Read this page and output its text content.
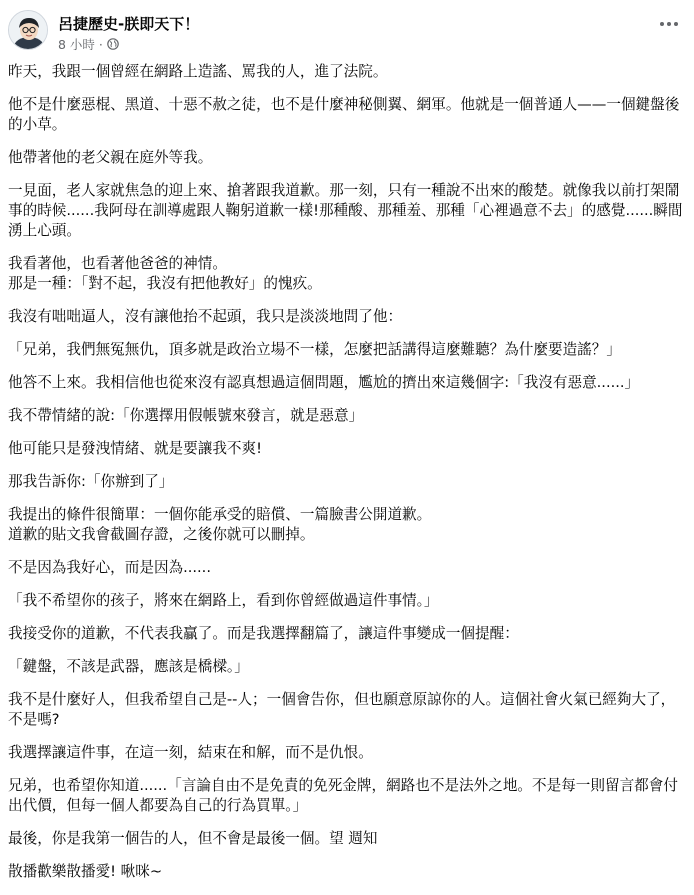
呂捷歷史-朕即天下！
8 小時 ·

昨天，我跟一個曾經在網路上造謠、罵我的人，進了法院。

他不是什麼惡棍、黑道、十惡不赦之徒，也不是什麼神秘側翼、網軍。他就是一個普通人——一個鍵盤後的小草。

他帶著他的老父親在庭外等我。

一見面，老人家就焦急的迎上來、搶著跟我道歉。那一刻，只有一種說不出來的酸楚。就像我以前打架鬧事的時候......我阿母在訓導處跟人鞠躬道歉一樣!那種酸、那種羞、那種「心裡過意不去」的感覺......瞬間湧上心頭。

我看著他，也看著他爸爸的神情。
那是一種：「對不起，我沒有把他教好」的愧疚。

我沒有咄咄逼人，沒有讓他抬不起頭，我只是淡淡地問了他：

「兄弟，我們無冤無仇，頂多就是政治立場不一樣，怎麼把話講得這麼難聽？為什麼要造謠？」

他答不上來。我相信他也從來沒有認真想過這個問題，尷尬的擠出來這幾個字:「我沒有惡意......」

我不帶情緒的說:「你選擇用假帳號來發言，就是惡意」

他可能只是發洩情緒、就是要讓我不爽!

那我告訴你:「你辦到了」

我提出的條件很簡單：一個你能承受的賠償、一篇臉書公開道歉。
道歉的貼文我會截圖存證，之後你就可以刪掉。

不是因為我好心，而是因為......

「我不希望你的孩子，將來在網路上，看到你曾經做過這件事情。」

我接受你的道歉，不代表我贏了。而是我選擇翻篇了，讓這件事變成一個提醒：

「鍵盤，不該是武器，應該是橋樑。」

我不是什麼好人，但我希望自己是--人；一個會告你，但也願意原諒你的人。這個社會火氣已經夠大了，不是嗎?

我選擇讓這件事，在這一刻，結束在和解，而不是仇恨。

兄弟，也希望你知道......「言論自由不是免責的免死金牌，網路也不是法外之地。不是每一則留言都會付出代價，但每一個人都要為自己的行為買單。」

最後，你是我第一個告的人，但不會是最後一個。望 週知

散播歡樂散播愛! 啾咪~
